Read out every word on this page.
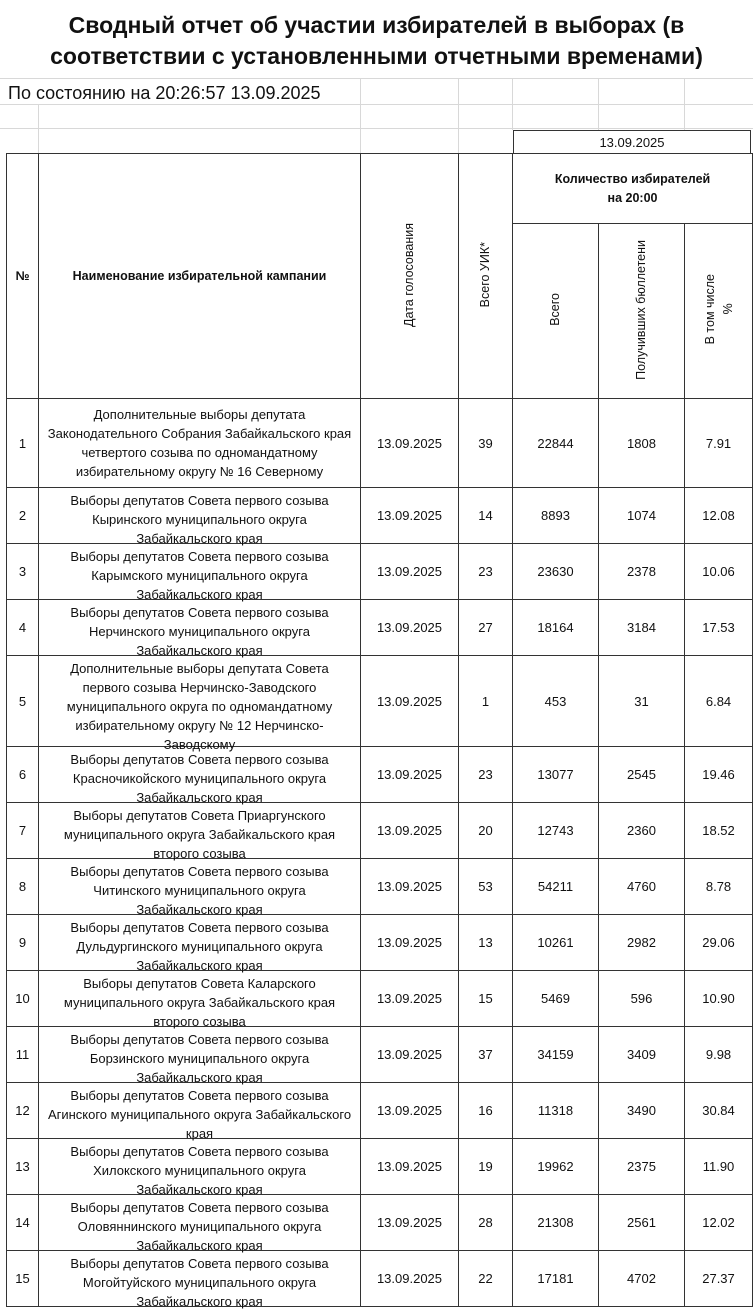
Сводный отчет об участии избирателей в выборах (в соответствии с установленными отчетными временами)
По состоянию на 20:26:57 13.09.2025
13.09.2025
№	Наименование избирательной кампании	Дата голосования	Всего УИК*	Количество избирателей на 20:00		
				Всего	Получивших бюллетени	В том числе %
1	Дополнительные выборы депутата Законодательного Собрания Забайкальского края четвертого созыва по одномандатному избирательному округу № 16 Северному	13.09.2025	39	22844	1808	7.91
2	Выборы депутатов Совета первого созыва Кыринского муниципального округа Забайкальского края	13.09.2025	14	8893	1074	12.08
3	Выборы депутатов Совета первого созыва Карымского муниципального округа Забайкальского края	13.09.2025	23	23630	2378	10.06
4	Выборы депутатов Совета первого созыва Нерчинского муниципального округа Забайкальского края	13.09.2025	27	18164	3184	17.53
5	Дополнительные выборы депутата Совета первого созыва Нерчинско-Заводского муниципального округа по одномандатному избирательному округу № 12 Нерчинско-Заводскому	13.09.2025	1	453	31	6.84
6	Выборы депутатов Совета первого созыва Красночикойского муниципального округа Забайкальского края	13.09.2025	23	13077	2545	19.46
7	Выборы депутатов Совета Приаргунского муниципального округа Забайкальского края второго созыва	13.09.2025	20	12743	2360	18.52
8	Выборы депутатов Совета первого созыва Читинского муниципального округа Забайкальского края	13.09.2025	53	54211	4760	8.78
9	Выборы депутатов Совета первого созыва Дульдургинского муниципального округа Забайкальского края	13.09.2025	13	10261	2982	29.06
10	Выборы депутатов Совета Каларского муниципального округа Забайкальского края второго созыва	13.09.2025	15	5469	596	10.90
11	Выборы депутатов Совета первого созыва Борзинского муниципального округа Забайкальского края	13.09.2025	37	34159	3409	9.98
12	Выборы депутатов Совета первого созыва Агинского муниципального округа Забайкальского края	13.09.2025	16	11318	3490	30.84
13	Выборы депутатов Совета первого созыва Хилокского муниципального округа Забайкальского края	13.09.2025	19	19962	2375	11.90
14	Выборы депутатов Совета первого созыва Оловяннинского муниципального округа Забайкальского края	13.09.2025	28	21308	2561	12.02
15	Выборы депутатов Совета первого созыва Могойтуйского муниципального округа Забайкальского края	13.09.2025	22	17181	4702	27.37
